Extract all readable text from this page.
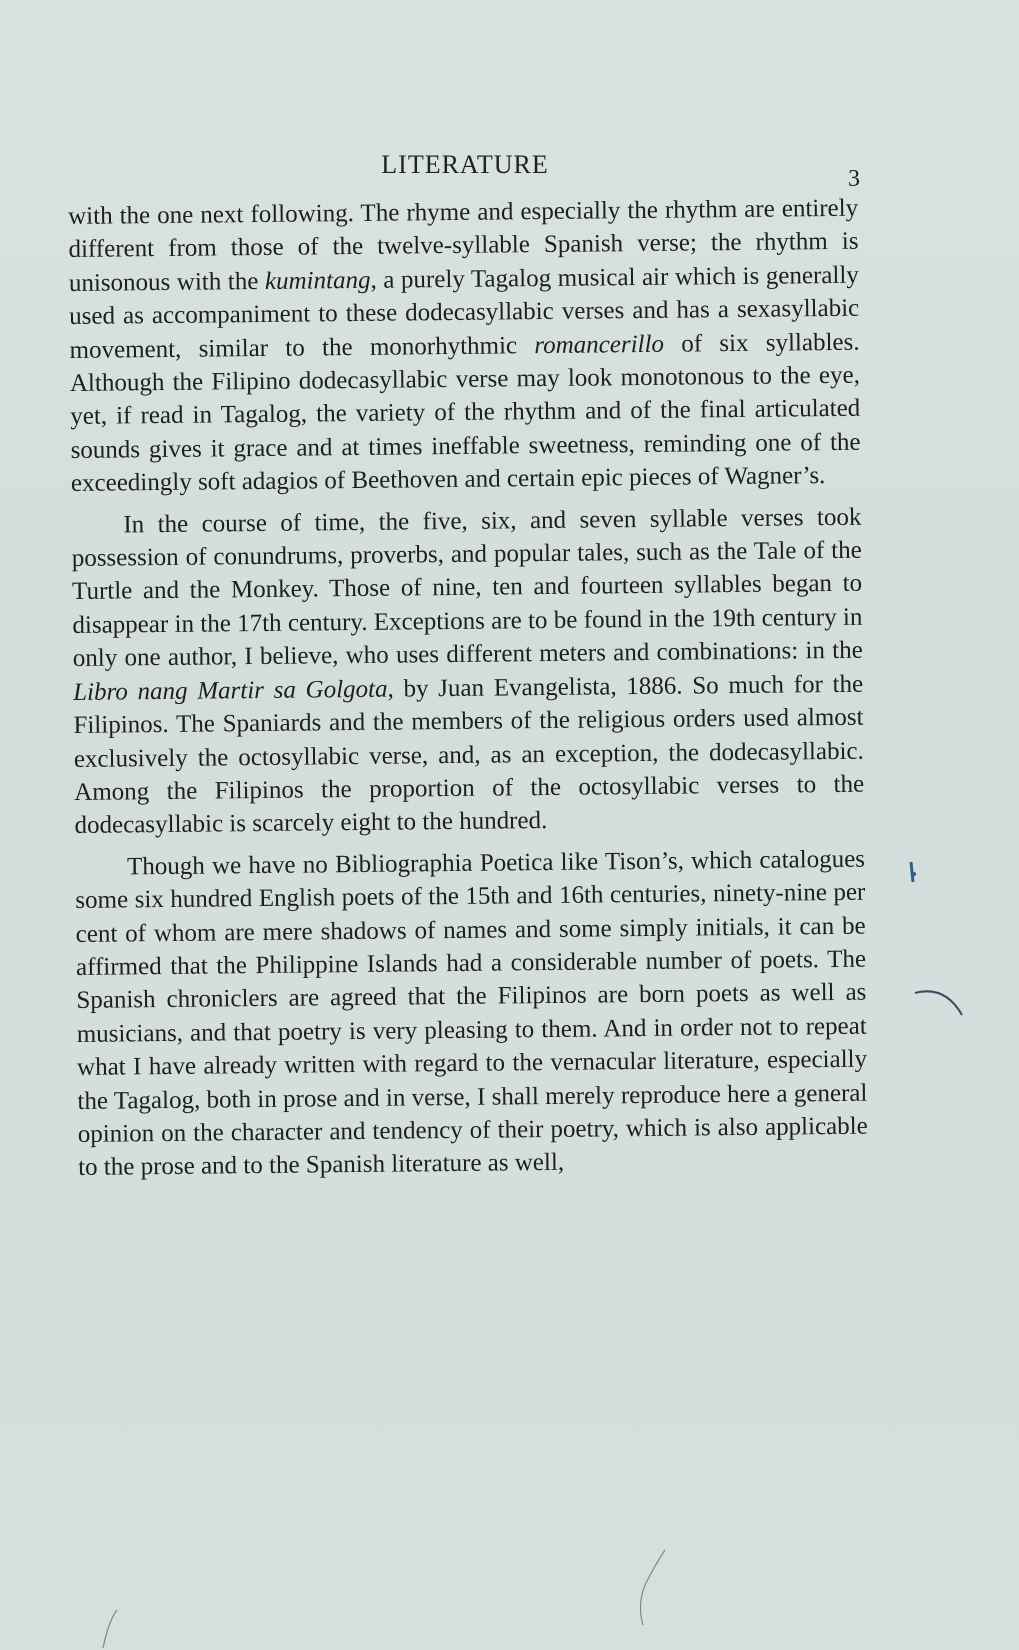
LITERATURE	3

with the one next following. The rhyme and especially the rhythm are entirely different from those of the twelve-syllable Spanish verse; the rhythm is unisonous with the kumintang, a purely Tagalog musical air which is generally used as accompaniment to these dodecasyllabic verses and has a sexasyllabic movement, similar to the monorhythmic romancerillo of six syllables. Although the Filipino dodecasyllabic verse may look monotonous to the eye, yet, if read in Tagalog, the variety of the rhythm and of the final articulated sounds gives it grace and at times ineffable sweetness, reminding one of the exceedingly soft adagios of Beethoven and certain epic pieces of Wagner’s.

In the course of time, the five, six, and seven syllable verses took possession of conundrums, proverbs, and popular tales, such as the Tale of the Turtle and the Monkey. Those of nine, ten and fourteen syllables began to disappear in the 17th century. Exceptions are to be found in the 19th century in only one author, I believe, who uses different meters and combinations: in the Libro nang Martir sa Golgota, by Juan Evangelista, 1886. So much for the Filipinos. The Spaniards and the members of the religious orders used almost exclusively the octosyllabic verse, and, as an exception, the dodecasyllabic. Among the Filipinos the proportion of the octosyllabic verses to the dodecasyllabic is scarcely eight to the hundred.

Though we have no Bibliographia Poetica like Tison’s, which catalogues some six hundred English poets of the 15th and 16th centuries, ninety-nine per cent of whom are mere shadows of names and some simply initials, it can be affirmed that the Philippine Islands had a considerable number of poets. The Spanish chroniclers are agreed that the Filipinos are born poets as well as musicians, and that poetry is very pleasing to them. And in order not to repeat what I have already written with regard to the vernacular literature, especially the Tagalog, both in prose and in verse, I shall merely reproduce here a general opinion on the character and tendency of their poetry, which is also applicable to the prose and to the Spanish literature as well,
